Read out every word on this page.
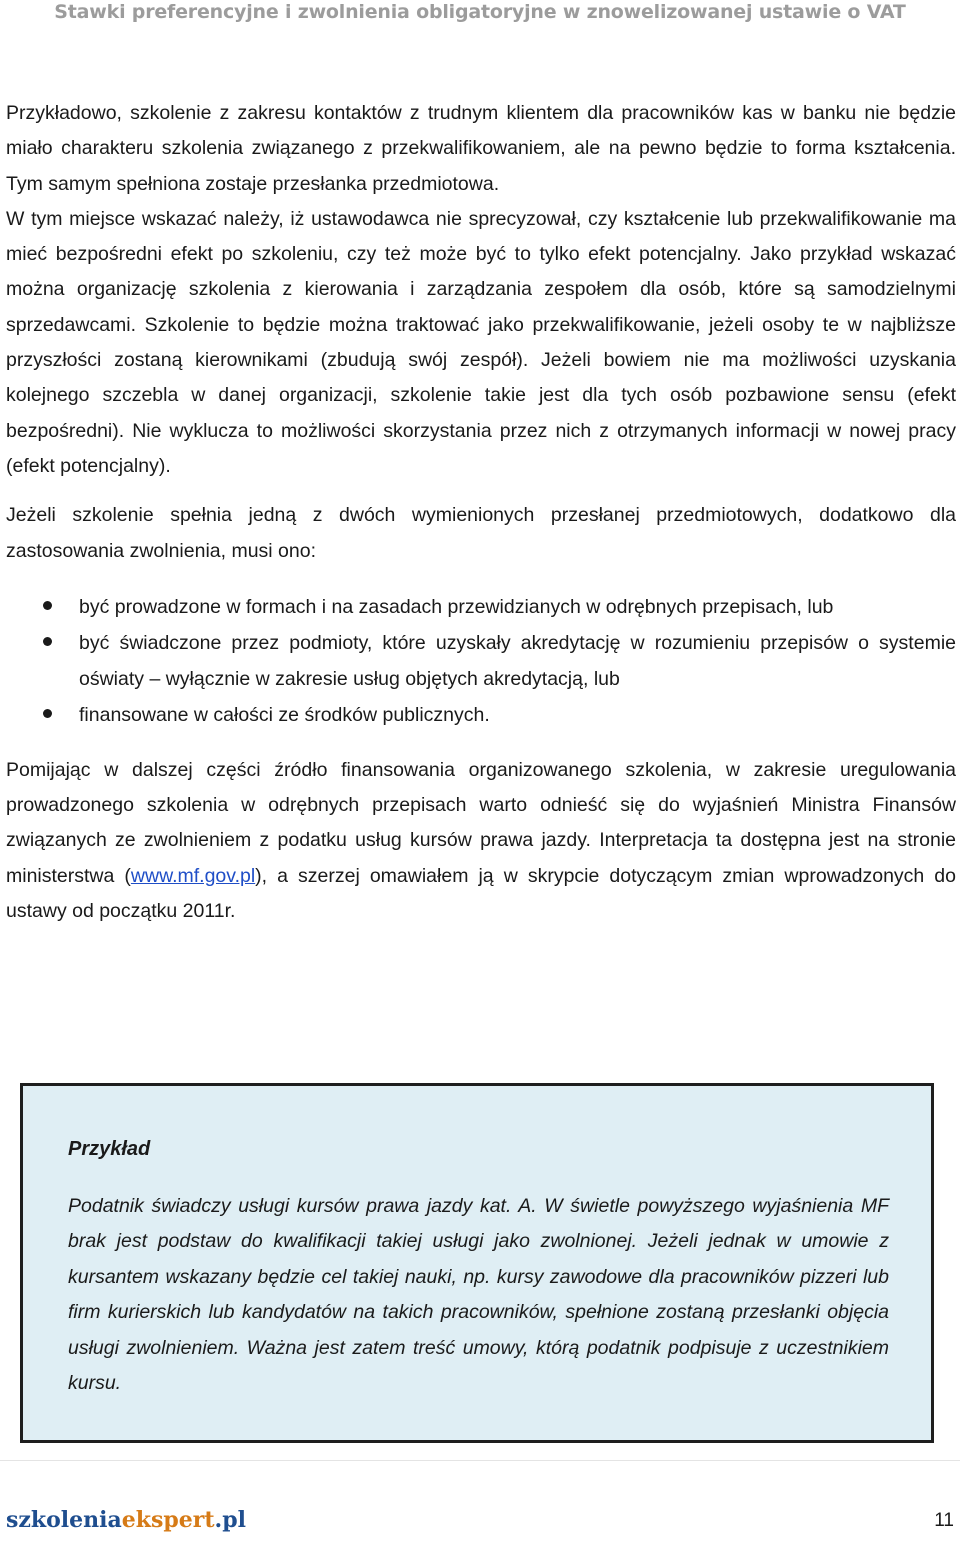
Stawki preferencyjne i zwolnienia obligatoryjne w znowelizowanej ustawie o VAT

Przykładowo, szkolenie z zakresu kontaktów z trudnym klientem dla pracowników kas w banku nie będzie miało charakteru szkolenia związanego z przekwalifikowaniem, ale na pewno będzie to forma kształcenia. Tym samym spełniona zostaje przesłanka przedmiotowa.

W tym miejsce wskazać należy, iż ustawodawca nie sprecyzował, czy kształcenie lub przekwalifikowanie ma mieć bezpośredni efekt po szkoleniu, czy też może być to tylko efekt potencjalny. Jako przykład wskazać można organizację szkolenia z kierowania i zarządzania zespołem dla osób, które są samodzielnymi sprzedawcami. Szkolenie to będzie można traktować jako przekwalifikowanie, jeżeli osoby te w najbliższe przyszłości zostaną kierownikami (zbudują swój zespół). Jeżeli bowiem nie ma możliwości uzyskania kolejnego szczebla w danej organizacji, szkolenie takie jest dla tych osób pozbawione sensu (efekt bezpośredni). Nie wyklucza to możliwości skorzystania przez nich z otrzymanych informacji w nowej pracy (efekt potencjalny).

Jeżeli szkolenie spełnia jedną z dwóch wymienionych przesłanej przedmiotowych, dodatkowo dla zastosowania zwolnienia, musi ono:

być prowadzone w formach i na zasadach przewidzianych w odrębnych przepisach, lub
być świadczone przez podmioty, które uzyskały akredytację w rozumieniu przepisów o systemie oświaty – wyłącznie w zakresie usług objętych akredytacją, lub
finansowane w całości ze środków publicznych.

Pomijając w dalszej części źródło finansowania organizowanego szkolenia, w zakresie uregulowania prowadzonego szkolenia w odrębnych przepisach warto odnieść się do wyjaśnień Ministra Finansów związanych ze zwolnieniem z podatku usług kursów prawa jazdy. Interpretacja ta dostępna jest na stronie ministerstwa (www.mf.gov.pl), a szerzej omawiałem ją w skrypcie dotyczącym zmian wprowadzonych do ustawy od początku 2011r.

Przykład
Podatnik świadczy usługi kursów prawa jazdy kat. A. W świetle powyższego wyjaśnienia MF brak jest podstaw do kwalifikacji takiej usługi jako zwolnionej. Jeżeli jednak w umowie z kursantem wskazany będzie cel takiej nauki, np. kursy zawodowe dla pracowników pizzeri lub firm kurierskich lub kandydatów na takich pracowników, spełnione zostaną przesłanki objęcia usługi zwolnieniem. Ważna jest zatem treść umowy, którą podatnik podpisuje z uczestnikiem kursu.
szkoleniaekspert.pl	11
